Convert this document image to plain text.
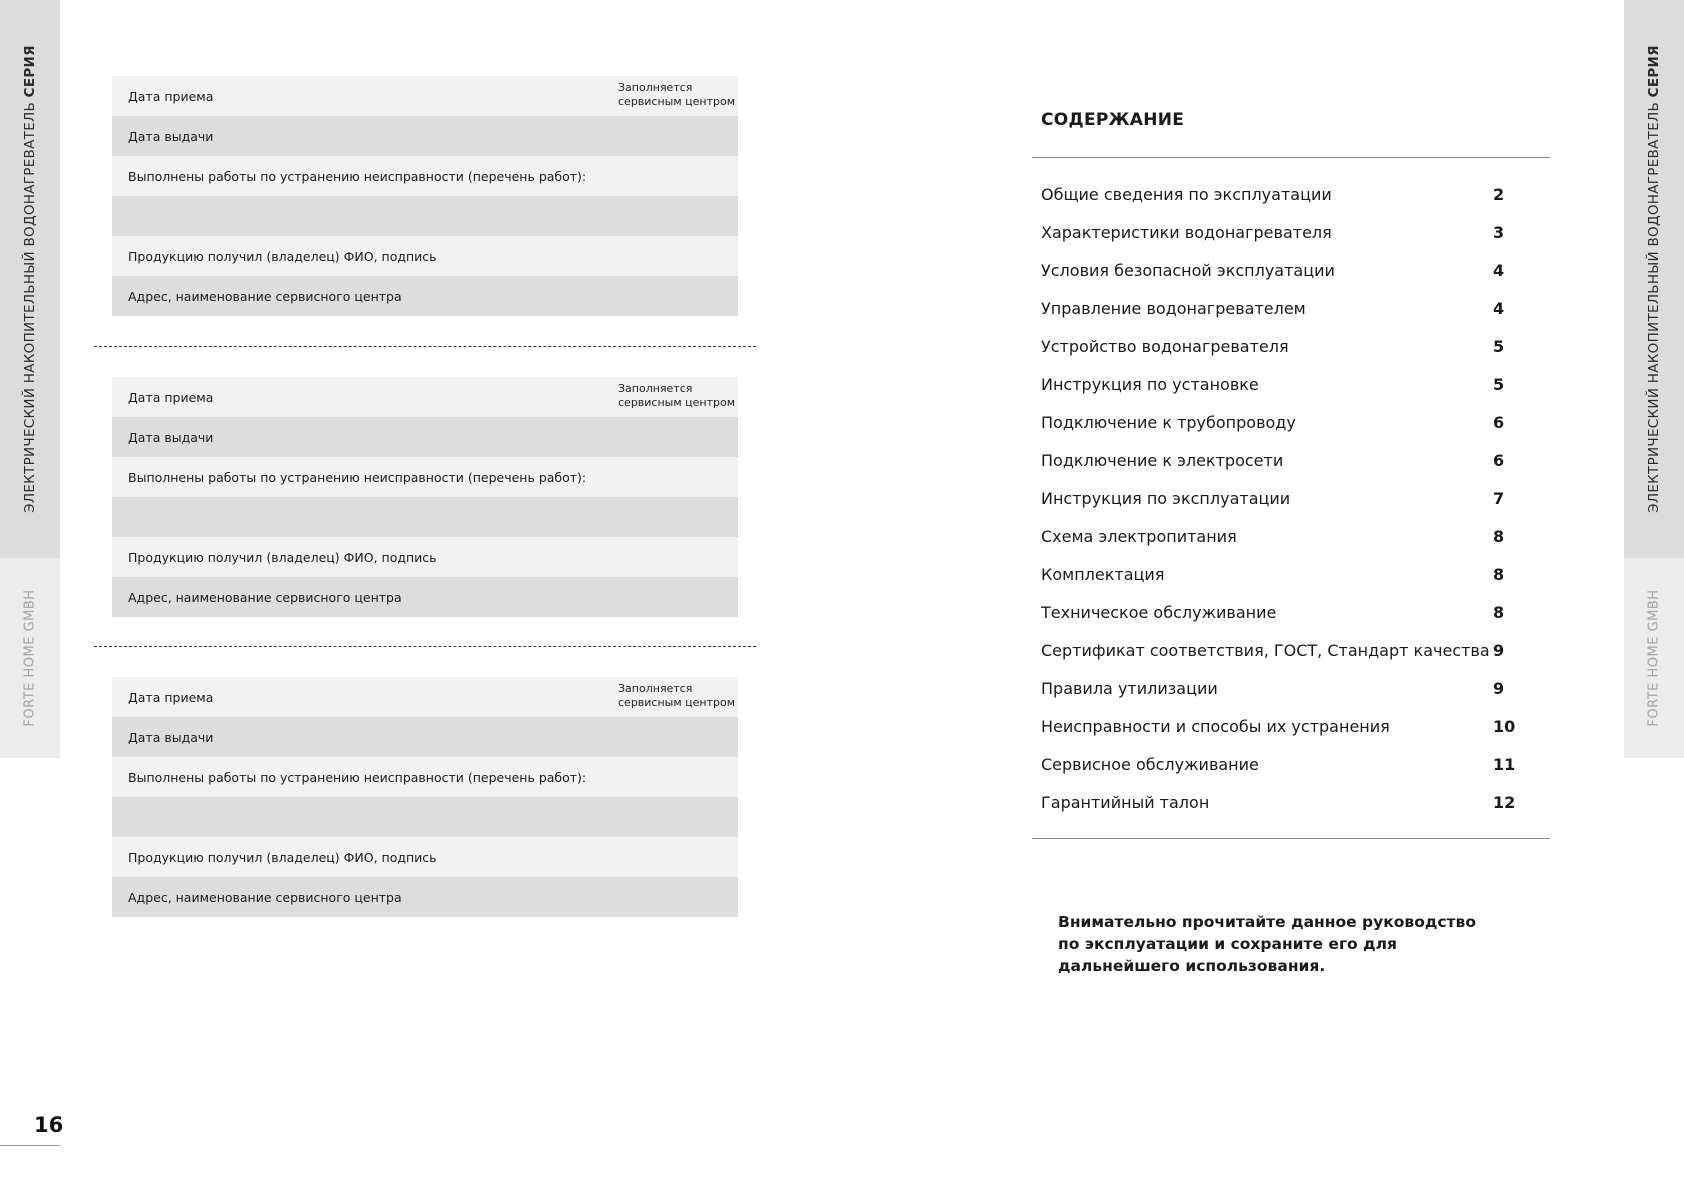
ЭЛЕКТРИЧЕСКИЙ НАКОПИТЕЛЬНЫЙ ВОДОНАГРЕВАТЕЛЬ СЕРИЯ
FORTE HOME GMBH
ЭЛЕКТРИЧЕСКИЙ НАКОПИТЕЛЬНЫЙ ВОДОНАГРЕВАТЕЛЬ СЕРИЯ
FORTE HOME GMBH
16
Дата приема
Заполняется
сервисным центром
Дата выдачи
Выполнены работы по устранению неисправности (перечень работ):
Продукцию получил (владелец) ФИО, подпись
Адрес, наименование сервисного центра
Дата приема
Заполняется
сервисным центром
Дата выдачи
Выполнены работы по устранению неисправности (перечень работ):
Продукцию получил (владелец) ФИО, подпись
Адрес, наименование сервисного центра
Дата приема
Заполняется
сервисным центром
Дата выдачи
Выполнены работы по устранению неисправности (перечень работ):
Продукцию получил (владелец) ФИО, подпись
Адрес, наименование сервисного центра
СОДЕРЖАНИЕ
Общие сведения по эксплуатации	2
Характеристики водонагревателя	3
Условия безопасной эксплуатации	4
Управление водонагревателем	4
Устройство водонагревателя	5
Инструкция по установке	5
Подключение к трубопроводу	6
Подключение к электросети	6
Инструкция по эксплуатации	7
Схема электропитания	8
Комплектация	8
Техническое обслуживание	8
Сертификат соответствия, ГОСТ, Стандарт качества 9
Правила утилизации	9
Неисправности и способы их устранения	10
Сервисное обслуживание	11
Гарантийный талон	12
Внимательно прочитайте данное руководство
по эксплуатации и сохраните его для
дальнейшего использования.
